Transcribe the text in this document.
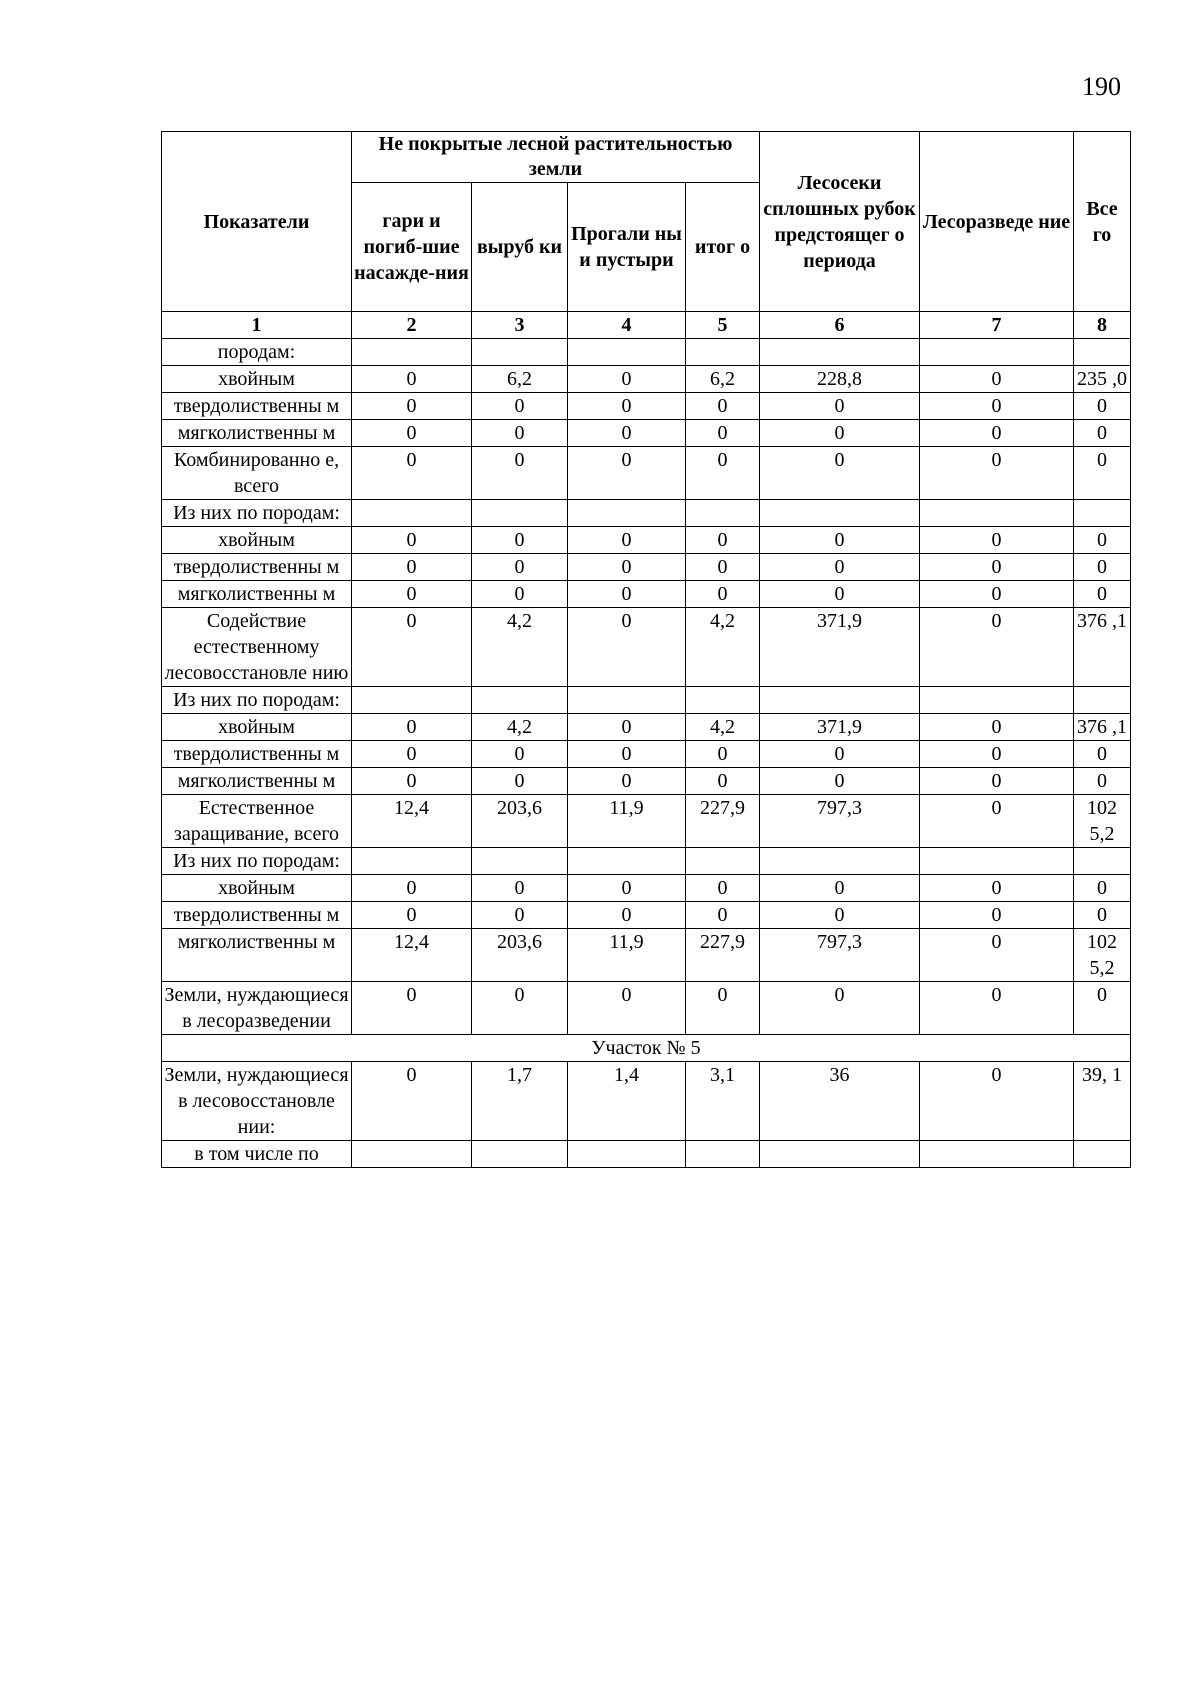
190
Показатели	Не покрытые лесной растительностью земли				Лесосеки сплошных рубок предстоящег о периода	Лесоразведе ние	Все го
	гари и погиб-шие насажде-ния	выруб ки	Прогали ны и пустыри	итог о			
1	2	3	4	5	6	7	8
породам:							
хвойным	0	6,2	0	6,2	228,8	0	235 ,0
твердолиственны м	0	0	0	0	0	0	0
мягколиственны м	0	0	0	0	0	0	0
Комбинированно е, всего	0	0	0	0	0	0	0
Из них по породам:							
хвойным	0	0	0	0	0	0	0
твердолиственны м	0	0	0	0	0	0	0
мягколиственны м	0	0	0	0	0	0	0
Содействие естественному лесовосстановле нию	0	4,2	0	4,2	371,9	0	376 ,1
Из них по породам:							
хвойным	0	4,2	0	4,2	371,9	0	376 ,1
твердолиственны м	0	0	0	0	0	0	0
мягколиственны м	0	0	0	0	0	0	0
Естественное заращивание, всего	12,4	203,6	11,9	227,9	797,3	0	102 5,2
Из них по породам:							
хвойным	0	0	0	0	0	0	0
твердолиственны м	0	0	0	0	0	0	0
мягколиственны м	12,4	203,6	11,9	227,9	797,3	0	102 5,2
Земли, нуждающиеся в лесоразведении	0	0	0	0	0	0	0
Участок № 5							
Земли, нуждающиеся в лесовосстановле нии:	0	1,7	1,4	3,1	36	0	39, 1
в том числе по							
